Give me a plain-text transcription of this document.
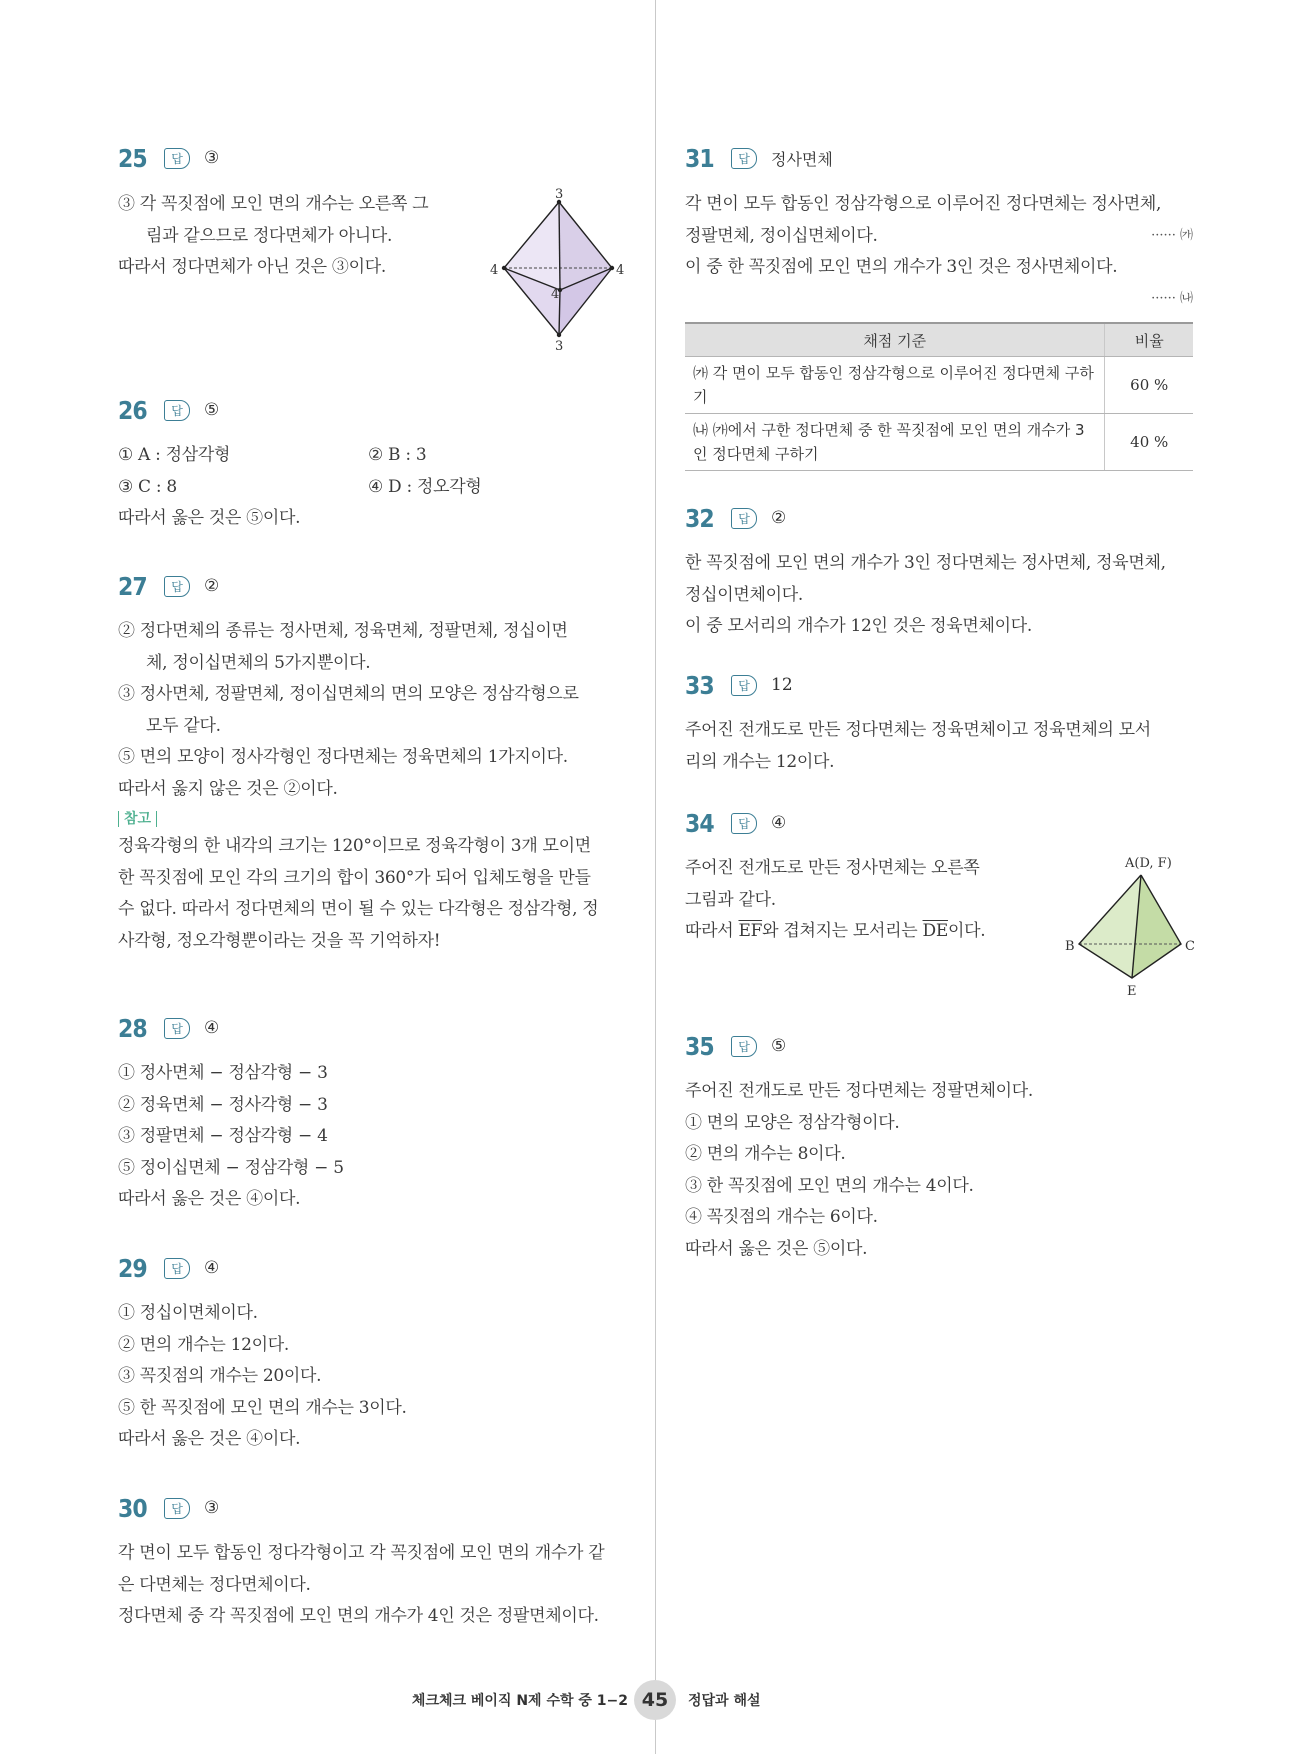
25	답	③
③ 각 꼭짓점에 모인 면의 개수는 오른쪽 그
림과 같으므로 정다면체가 아니다.
따라서 정다면체가 아닌 것은 ③이다.
3
4	4
4
3
26	답	⑤
① A : 정삼각형	② B : 3
③ C : 8	④ D : 정오각형
따라서 옳은 것은 ⑤이다.
27	답	②
② 정다면체의 종류는 정사면체, 정육면체, 정팔면체, 정십이면
체, 정이십면체의 5가지뿐이다.
③ 정사면체, 정팔면체, 정이십면체의 면의 모양은 정삼각형으로
모두 같다.
⑤ 면의 모양이 정사각형인 정다면체는 정육면체의 1가지이다.
따라서 옳지 않은 것은 ②이다.
참고
정육각형의 한 내각의 크기는 120°이므로 정육각형이 3개 모이면
한 꼭짓점에 모인 각의 크기의 합이 360°가 되어 입체도형을 만들
수 없다. 따라서 정다면체의 면이 될 수 있는 다각형은 정삼각형, 정
사각형, 정오각형뿐이라는 것을 꼭 기억하자!
28	답	④
① 정사면체 − 정삼각형 − 3
② 정육면체 − 정사각형 − 3
③ 정팔면체 − 정삼각형 − 4
⑤ 정이십면체 − 정삼각형 − 5
따라서 옳은 것은 ④이다.
29	답	④
① 정십이면체이다.
② 면의 개수는 12이다.
③ 꼭짓점의 개수는 20이다.
⑤ 한 꼭짓점에 모인 면의 개수는 3이다.
따라서 옳은 것은 ④이다.
30	답	③
각 면이 모두 합동인 정다각형이고 각 꼭짓점에 모인 면의 개수가 같
은 다면체는 정다면체이다.
정다면체 중 각 꼭짓점에 모인 면의 개수가 4인 것은 정팔면체이다.
31	답	정사면체
각 면이 모두 합동인 정삼각형으로 이루어진 정다면체는 정사면체,
정팔면체, 정이십면체이다.	······ ㈎
이 중 한 꼭짓점에 모인 면의 개수가 3인 것은 정사면체이다.
······ ㈏
채점 기준	비율
㈎ 각 면이 모두 합동인 정삼각형으로 이루어진 정다면체 구하기	60 %
㈏ ㈎에서 구한 정다면체 중 한 꼭짓점에 모인 면의 개수가 3인 정다면체 구하기	40 %
32	답	②
한 꼭짓점에 모인 면의 개수가 3인 정다면체는 정사면체, 정육면체,
정십이면체이다.
이 중 모서리의 개수가 12인 것은 정육면체이다.
33	답	12
주어진 전개도로 만든 정다면체는 정육면체이고 정육면체의 모서
리의 개수는 12이다.
34	답	④
주어진 전개도로 만든 정사면체는 오른쪽
그림과 같다.
따라서 $\overline{EF}$와 겹쳐지는 모서리는 $\overline{DE}$이다.
A(D, F)
B	C
E
35	답	⑤
주어진 전개도로 만든 정다면체는 정팔면체이다.
① 면의 모양은 정삼각형이다.
② 면의 개수는 8이다.
③ 한 꼭짓점에 모인 면의 개수는 4이다.
④ 꼭짓점의 개수는 6이다.
따라서 옳은 것은 ⑤이다.
체크체크 베이직 N제 수학 중 1−2 45	정답과 해설
